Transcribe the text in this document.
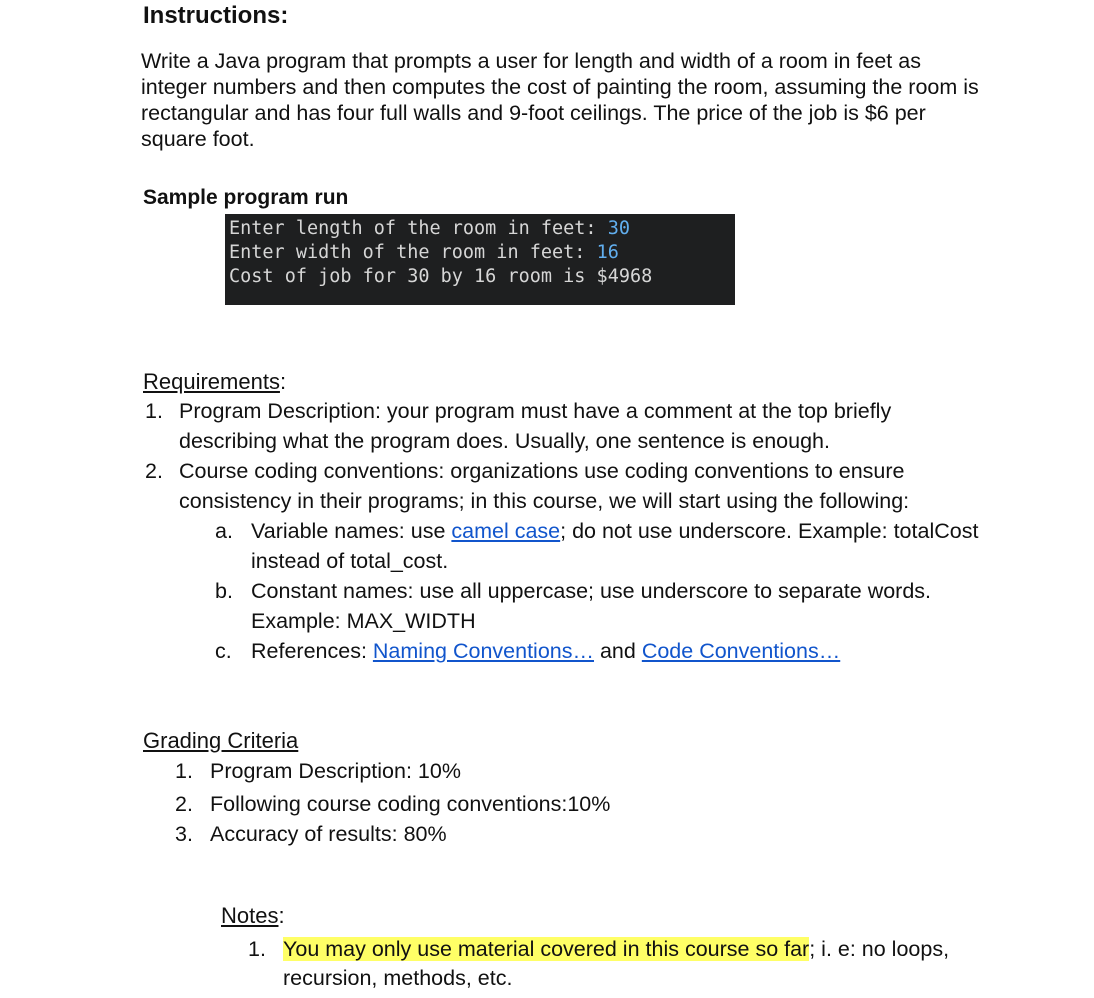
Instructions:
Write a Java program that prompts a user for length and width of a room in feet as
integer numbers and then computes the cost of painting the room, assuming the room is
rectangular and has four full walls and 9-foot ceilings. The price of the job is $6 per
square foot.
Sample program run
Enter length of the room in feet: 30
Enter width of the room in feet: 16
Cost of job for 30 by 16 room is $4968
Requirements:
1. Program Description: your program must have a comment at the top briefly
describing what the program does. Usually, one sentence is enough.
2. Course coding conventions: organizations use coding conventions to ensure
consistency in their programs; in this course, we will start using the following:
a. Variable names: use camel case; do not use underscore. Example: totalCost
instead of total_cost.
b. Constant names: use all uppercase; use underscore to separate words.
Example: MAX_WIDTH
c. References: Naming Conventions… and Code Conventions…
Grading Criteria
1. Program Description: 10%
2. Following course coding conventions:10%
3. Accuracy of results: 80%
Notes:
1. You may only use material covered in this course so far; i. e: no loops,
recursion, methods, etc.
